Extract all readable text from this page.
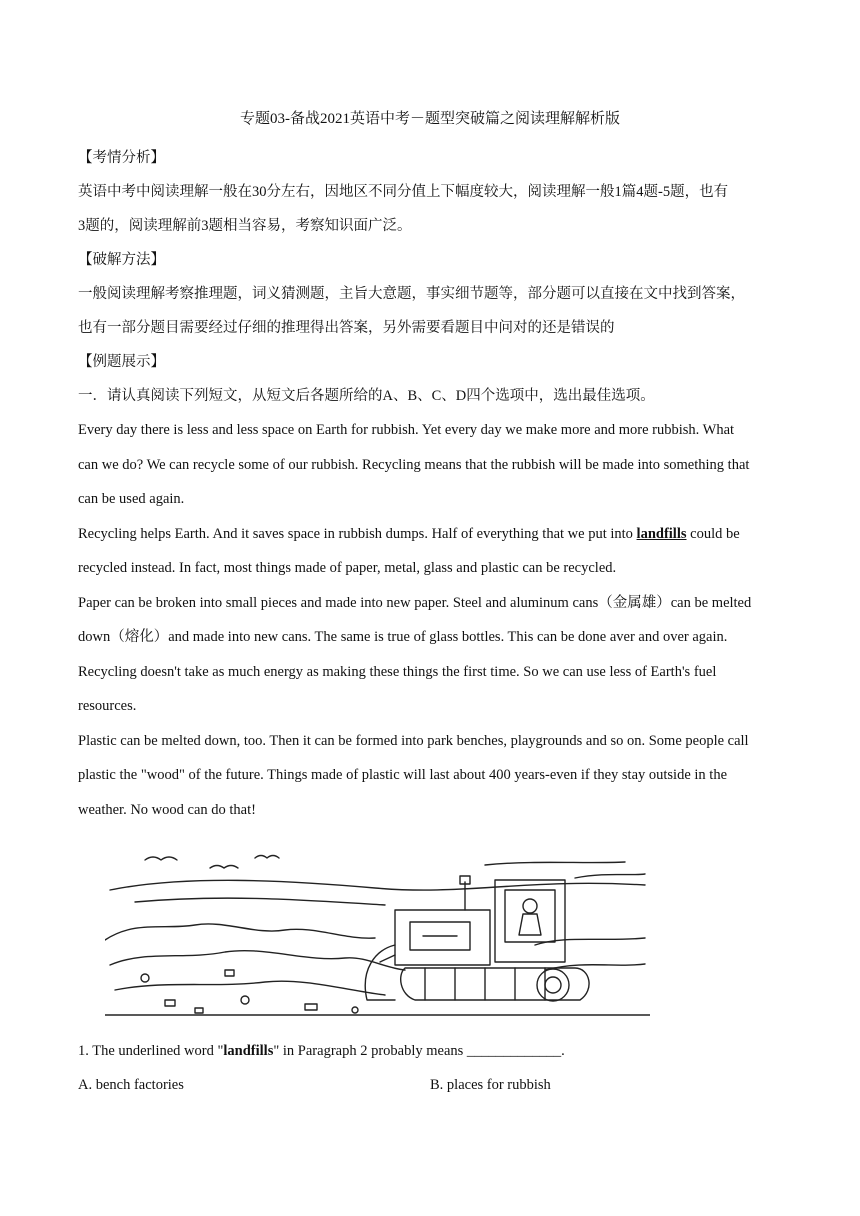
专题03-备战2021英语中考－题型突破篇之阅读理解解析版

【考情分析】

英语中考中阅读理解一般在30分左右，因地区不同分值上下幅度较大，阅读理解一般1篇4题-5题，也有

3题的，阅读理解前3题相当容易，考察知识面广泛。

【破解方法】

一般阅读理解考察推理题，词义猜测题，主旨大意题，事实细节题等，部分题可以直接在文中找到答案，

也有一部分题目需要经过仔细的推理得出答案，另外需要看题目中问对的还是错误的

【例题展示】

一．请认真阅读下列短文，从短文后各题所给的A、B、C、D四个选项中，选出最佳选项。

Every day there is less and less space on Earth for rubbish. Yet every day we make more and more rubbish. What

can we do? We can recycle some of our rubbish. Recycling means that the rubbish will be made into something that

can be used again.

Recycling helps Earth. And it saves space in rubbish dumps. Half of everything that we put into landfills could be

recycled instead. In fact, most things made of paper, metal, glass and plastic can be recycled.

Paper can be broken into small pieces and made into new paper. Steel and aluminum cans（金属雄）can be melted

down（熔化）and made into new cans. The same is true of glass bottles. This can be done aver and over again.

Recycling doesn't take as much energy as making these things the first time. So we can use less of Earth's fuel

resources.

Plastic can be melted down, too. Then it can be formed into park benches, playgrounds and so on. Some people call

plastic the "wood" of the future. Things made of plastic will last about 400 years-even if they stay outside in the

weather. No wood can do that!

1. The underlined word "landfills" in Paragraph 2 probably means _____________.
A. bench factories	B. places for rubbish
